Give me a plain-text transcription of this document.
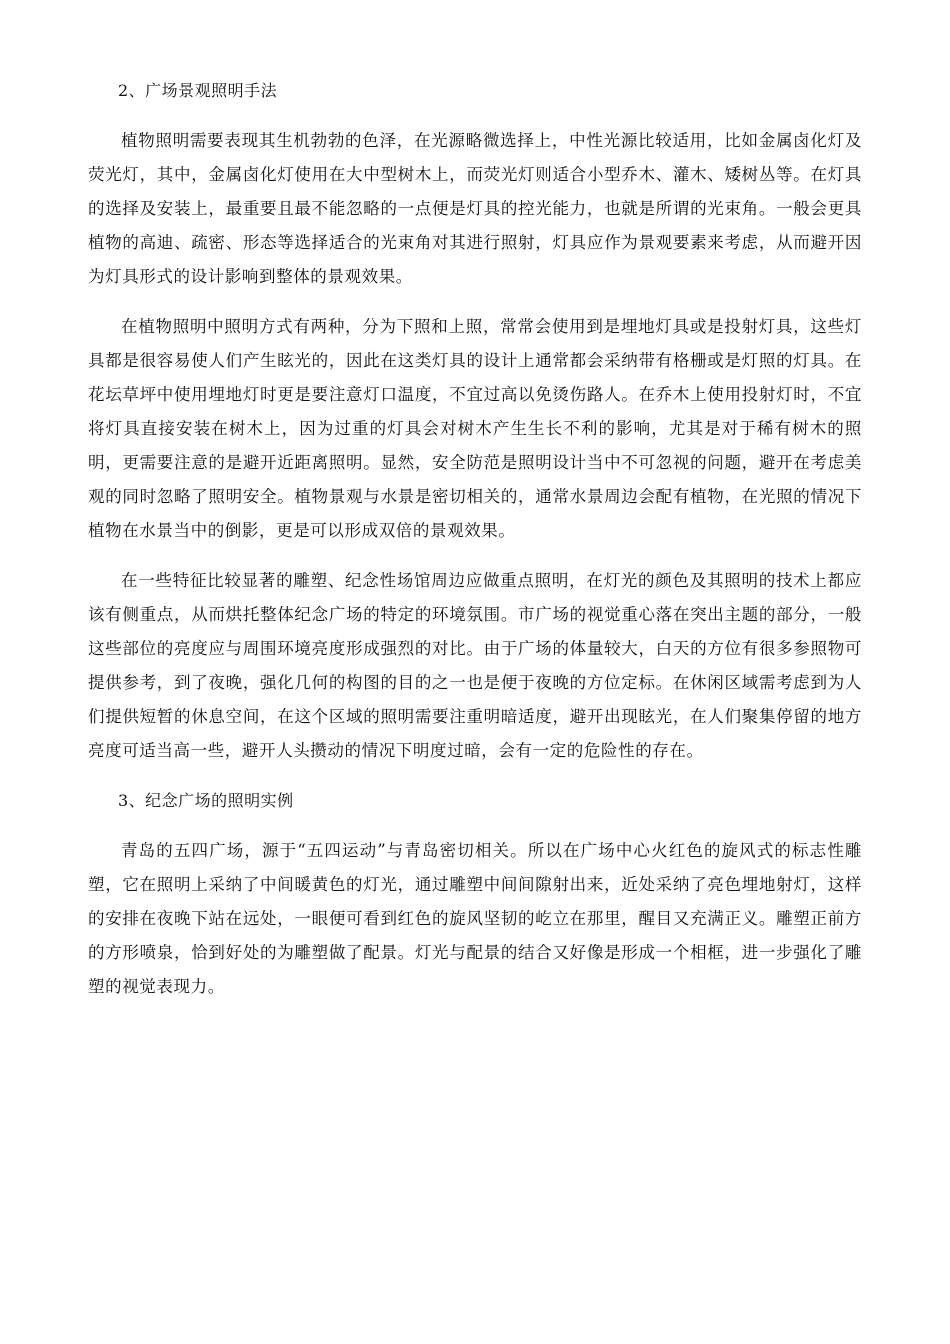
2、广场景观照明手法

植物照明需要表现其生机勃勃的色泽，在光源略微选择上，中性光源比较适用，比如金属卤化灯及荧光灯，其中，金属卤化灯使用在大中型树木上，而荧光灯则适合小型乔木、灌木、矮树丛等。在灯具的选择及安装上，最重要且最不能忽略的一点便是灯具的控光能力，也就是所谓的光束角。一般会更具植物的高迪、疏密、形态等选择适合的光束角对其进行照射，灯具应作为景观要素来考虑，从而避开因为灯具形式的设计影响到整体的景观效果。

在植物照明中照明方式有两种，分为下照和上照，常常会使用到是埋地灯具或是投射灯具，这些灯具都是很容易使人们产生眩光的，因此在这类灯具的设计上通常都会采纳带有格栅或是灯照的灯具。在花坛草坪中使用埋地灯时更是要注意灯口温度，不宜过高以免烫伤路人。在乔木上使用投射灯时，不宜将灯具直接安装在树木上，因为过重的灯具会对树木产生生长不利的影响，尤其是对于稀有树木的照明，更需要注意的是避开近距离照明。显然，安全防范是照明设计当中不可忽视的问题，避开在考虑美观的同时忽略了照明安全。植物景观与水景是密切相关的，通常水景周边会配有植物，在光照的情况下植物在水景当中的倒影，更是可以形成双倍的景观效果。

在一些特征比较显著的雕塑、纪念性场馆周边应做重点照明，在灯光的颜色及其照明的技术上都应该有侧重点，从而烘托整体纪念广场的特定的环境氛围。市广场的视觉重心落在突出主题的部分，一般这些部位的亮度应与周围环境亮度形成强烈的对比。由于广场的体量较大，白天的方位有很多参照物可提供参考，到了夜晚，强化几何的构图的目的之一也是便于夜晚的方位定标。在休闲区域需考虑到为人们提供短暂的休息空间，在这个区域的照明需要注重明暗适度，避开出现眩光，在人们聚集停留的地方亮度可适当高一些，避开人头攒动的情况下明度过暗，会有一定的危险性的存在。

3、纪念广场的照明实例

青岛的五四广场，源于“五四运动”与青岛密切相关。所以在广场中心火红色的旋风式的标志性雕塑，它在照明上采纳了中间暖黄色的灯光，通过雕塑中间间隙射出来，近处采纳了亮色埋地射灯，这样的安排在夜晚下站在远处，一眼便可看到红色的旋风坚韧的屹立在那里，醒目又充满正义。雕塑正前方的方形喷泉，恰到好处的为雕塑做了配景。灯光与配景的结合又好像是形成一个相框，进一步强化了雕塑的视觉表现力。
